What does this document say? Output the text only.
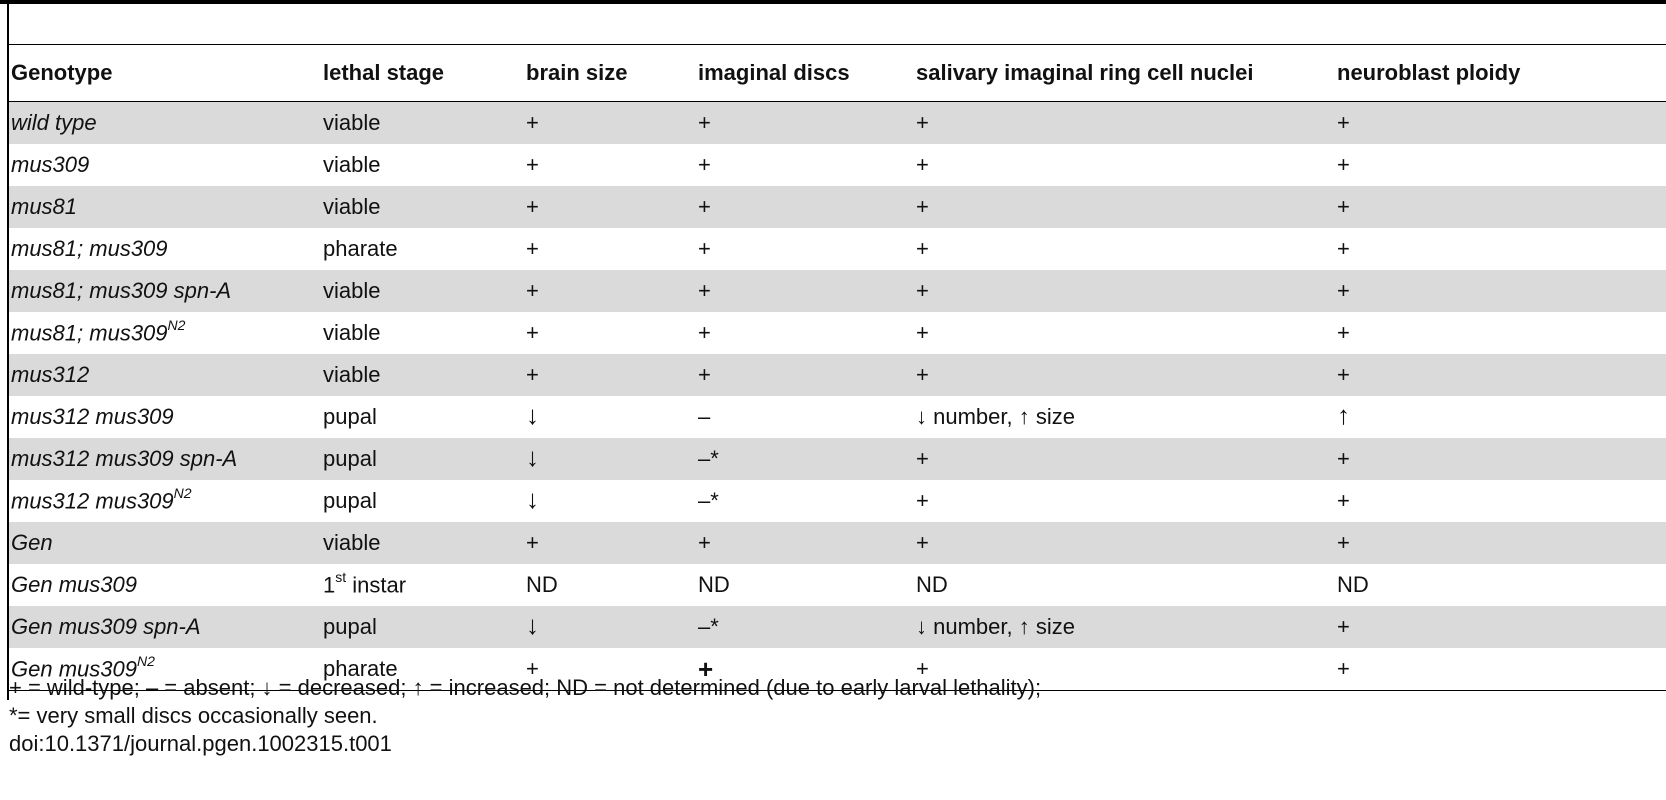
Genotype	lethal stage	brain size	imaginal discs	salivary imaginal ring cell nuclei	neuroblast ploidy
wild type	viable	+	+	+	+
mus309	viable	+	+	+	+
mus81	viable	+	+	+	+
mus81; mus309	pharate	+	+	+	+
mus81; mus309 spn-A	viable	+	+	+	+
mus81; $mus309^{N2}$	viable	+	+	+	+
mus312	viable	+	+	+	+
mus312 mus309	pupal	↓	–	↓ number, ↑ size	↑
mus312 mus309 spn-A	pupal	↓	–*	+	+
mus312 $mus309^{N2}$	pupal	↓	–*	+	+
Gen	viable	+	+	+	+
Gen mus309	1st instar	ND	ND	ND	ND
Gen mus309 spn-A	pupal	↓	–*	↓ number, ↑ size	+
Gen $mus309^{N2}$	pharate	+	+	+	+
+ = wild-type; – = absent; ↓ = decreased; ↑ = increased; ND = not determined (due to early larval lethality);
*= very small discs occasionally seen.
doi:10.1371/journal.pgen.1002315.t001
